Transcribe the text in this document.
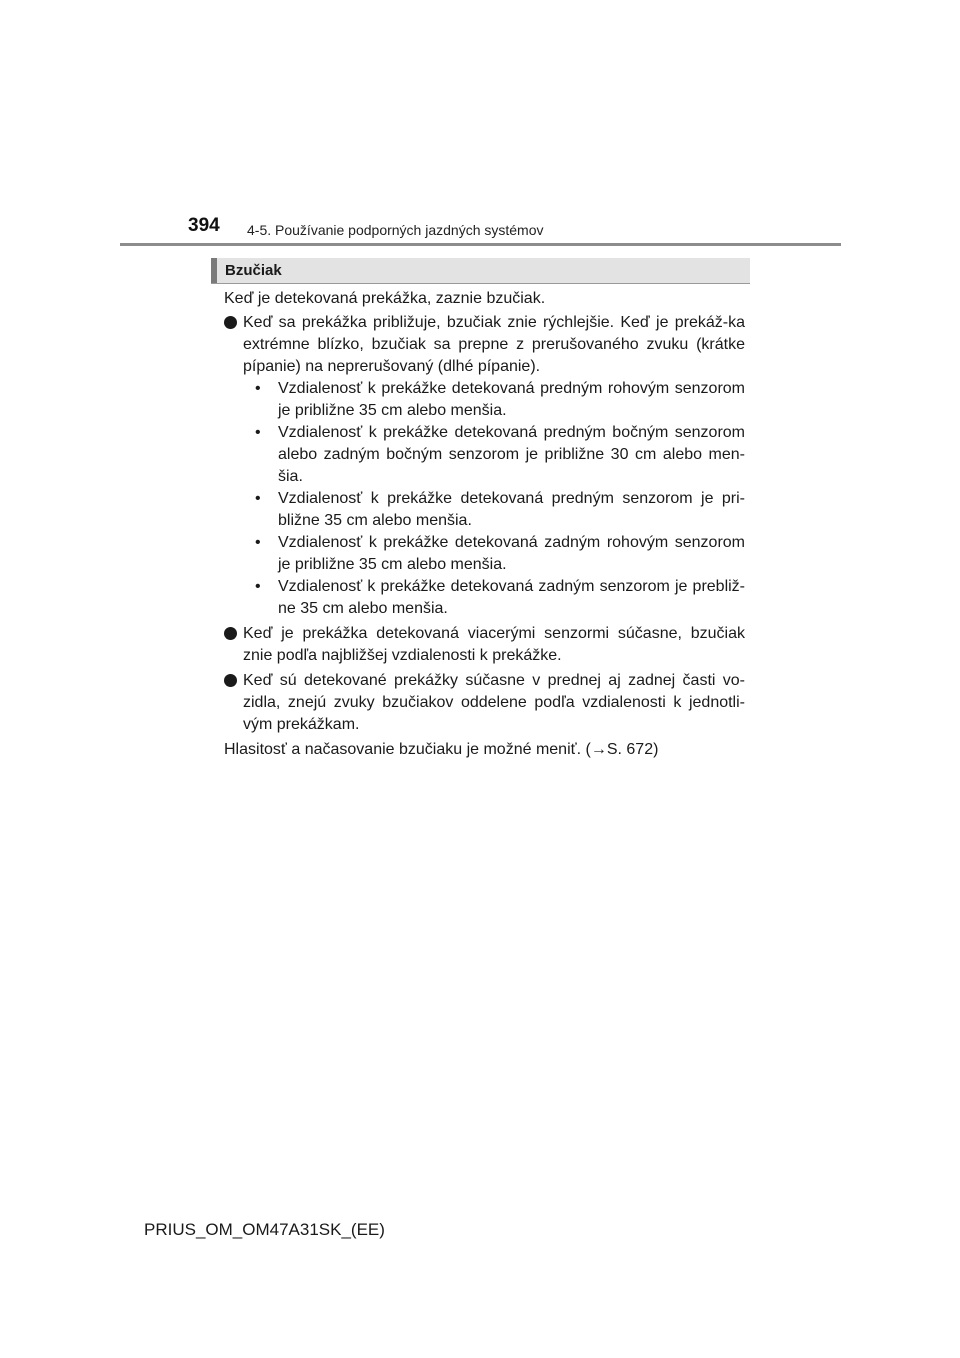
394 4-5. Používanie podporných jazdných systémov
Bzučiak

Keď je detekovaná prekážka, zaznie bzučiak.

Keď sa prekážka približuje, bzučiak znie rýchlejšie. Keď je prekáž-ka extrémne blízko, bzučiak sa prepne z prerušovaného zvuku (krátke pípanie) na neprerušovaný (dlhé pípanie).
• Vzdialenosť k prekážke detekovaná predným rohovým senzorom je približne 35 cm alebo menšia.
• Vzdialenosť k prekážke detekovaná predným bočným senzorom alebo zadným bočným senzorom je približne 30 cm alebo men-šia.
• Vzdialenosť k prekážke detekovaná predným senzorom je pri-bližne 35 cm alebo menšia.
• Vzdialenosť k prekážke detekovaná zadným rohovým senzorom je približne 35 cm alebo menšia.
• Vzdialenosť k prekážke detekovaná zadným senzorom je prebliž-ne 35 cm alebo menšia.
Keď je prekážka detekovaná viacerými senzormi súčasne, bzučiak znie podľa najbližšej vzdialenosti k prekážke.
Keď sú detekované prekážky súčasne v prednej aj zadnej časti vo-zidla, znejú zvuky bzučiakov oddelene podľa vzdialenosti k jednotli-vým prekážkam.

Hlasitosť a načasovanie bzučiaku je možné meniť. (→S. 672)

PRIUS_OM_OM47A31SK_(EE)
